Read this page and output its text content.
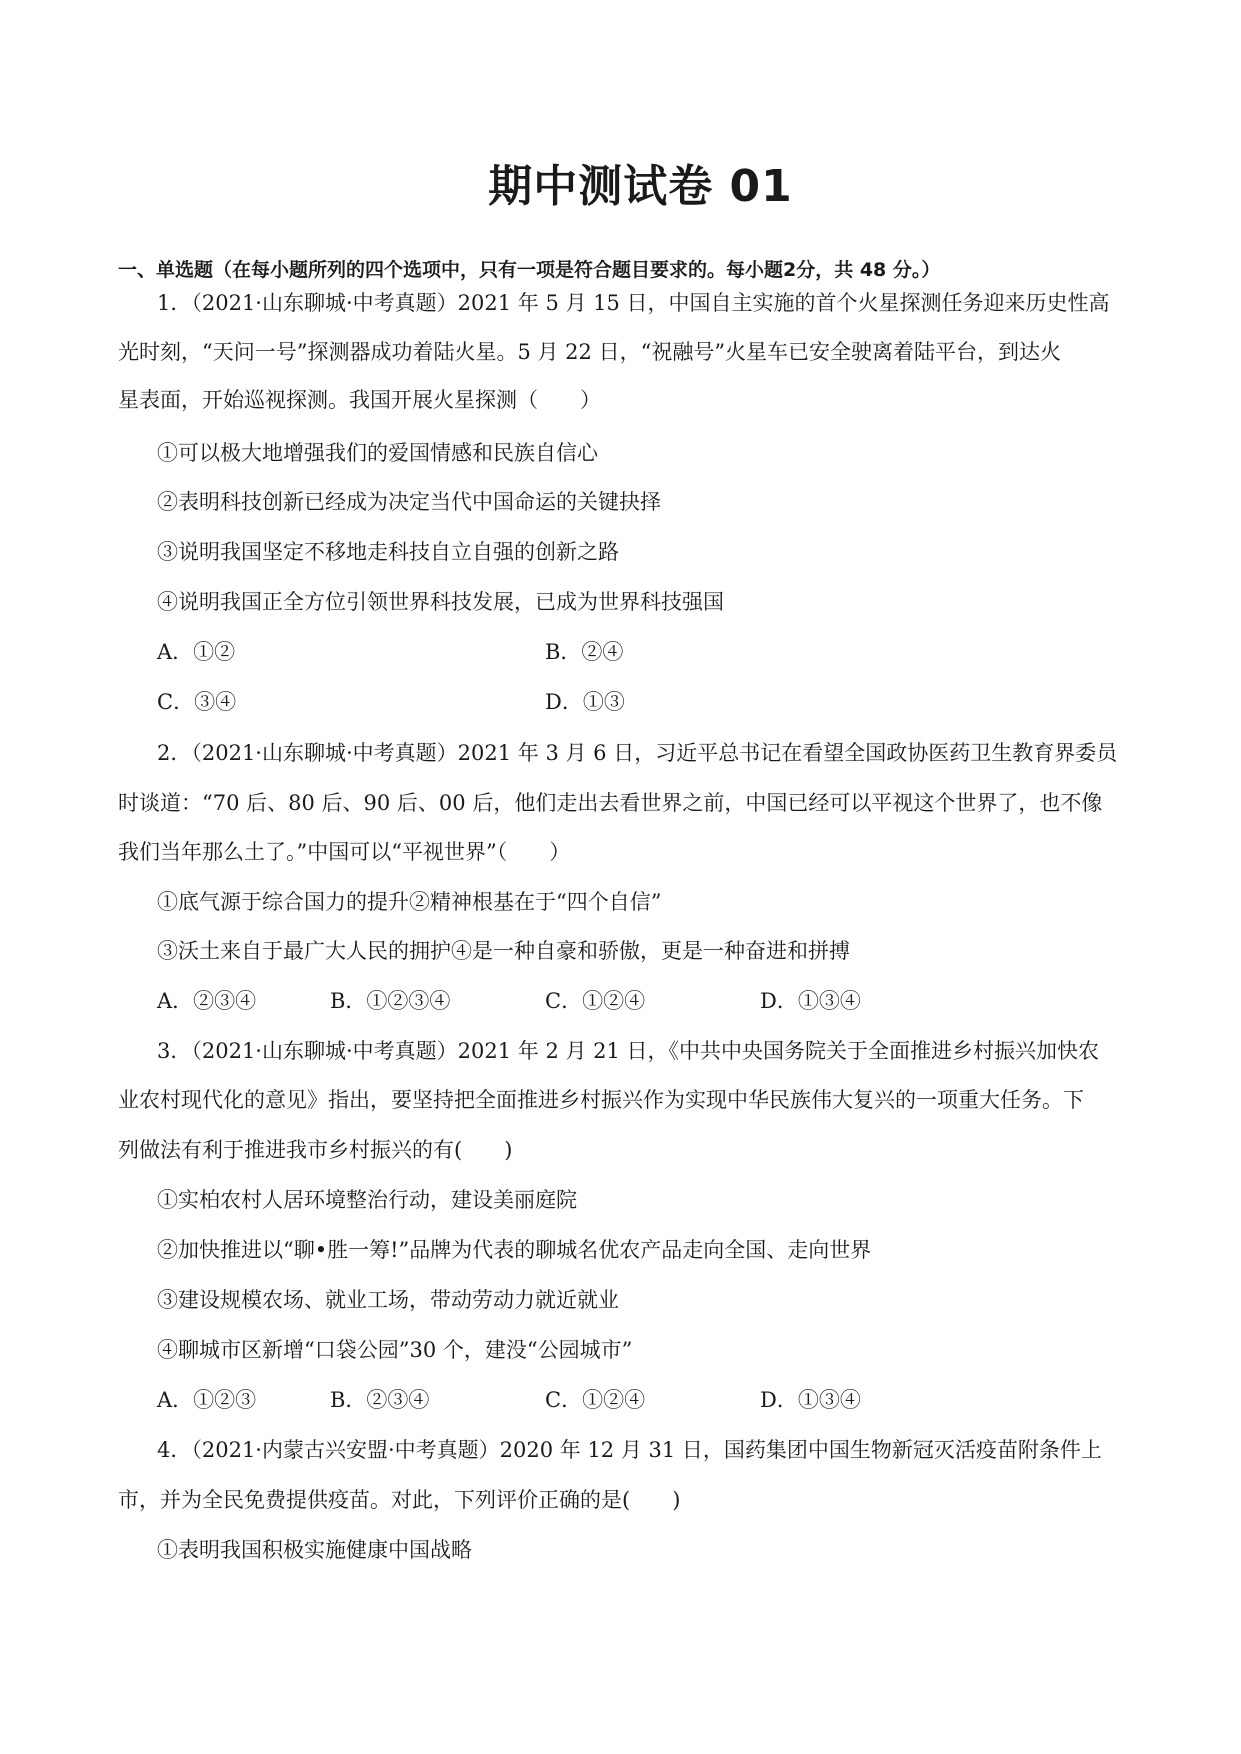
期中测试卷 01
一、单选题（在每小题所列的四个选项中，只有一项是符合题目要求的。每小题2分，共 48 分。）
1．（2021·山东聊城·中考真题）2021 年 5 月 15 日，中国自主实施的首个火星探测任务迎来历史性高
光时刻，“天问一号”探测器成功着陆火星。5 月 22 日，“祝融号”火星车已安全驶离着陆平台，到达火
星表面，开始巡视探测。我国开展火星探测（　　）
①可以极大地增强我们的爱国情感和民族自信心
②表明科技创新已经成为决定当代中国命运的关键抉择
③说明我国坚定不移地走科技自立自强的创新之路
④说明我国正全方位引领世界科技发展，已成为世界科技强国
A．①②	B．②④
C．③④	D．①③
2．（2021·山东聊城·中考真题）2021 年 3 月 6 日，习近平总书记在看望全国政协医药卫生教育界委员
时谈道：“70 后、80 后、90 后、00 后，他们走出去看世界之前，中国已经可以平视这个世界了，也不像
我们当年那么土了。”中国可以“平视世界”（　　）
①底气源于综合国力的提升②精神根基在于“四个自信”
③沃土来自于最广大人民的拥护④是一种自豪和骄傲，更是一种奋进和拼搏
A．②③④	B．①②③④	C．①②④	D．①③④
3．（2021·山东聊城·中考真题）2021 年 2 月 21 日，《中共中央国务院关于全面推进乡村振兴加快农
业农村现代化的意见》指出，要坚持把全面推进乡村振兴作为实现中华民族伟大复兴的一项重大任务。下
列做法有利于推进我市乡村振兴的有(　　)
①实柏农村人居环境整治行动，建设美丽庭院
②加快推进以“聊•胜一筹!”品牌为代表的聊城名优农产品走向全国、走向世界
③建设规模农场、就业工场，带动劳动力就近就业
④聊城市区新增“口袋公园”30 个，建没“公园城市”
A．①②③	B．②③④	C．①②④	D．①③④
4．（2021·内蒙古兴安盟·中考真题）2020 年 12 月 31 日，国药集团中国生物新冠灭活疫苗附条件上
市，并为全民免费提供疫苗。对此，下列评价正确的是(　　)
①表明我国积极实施健康中国战略
